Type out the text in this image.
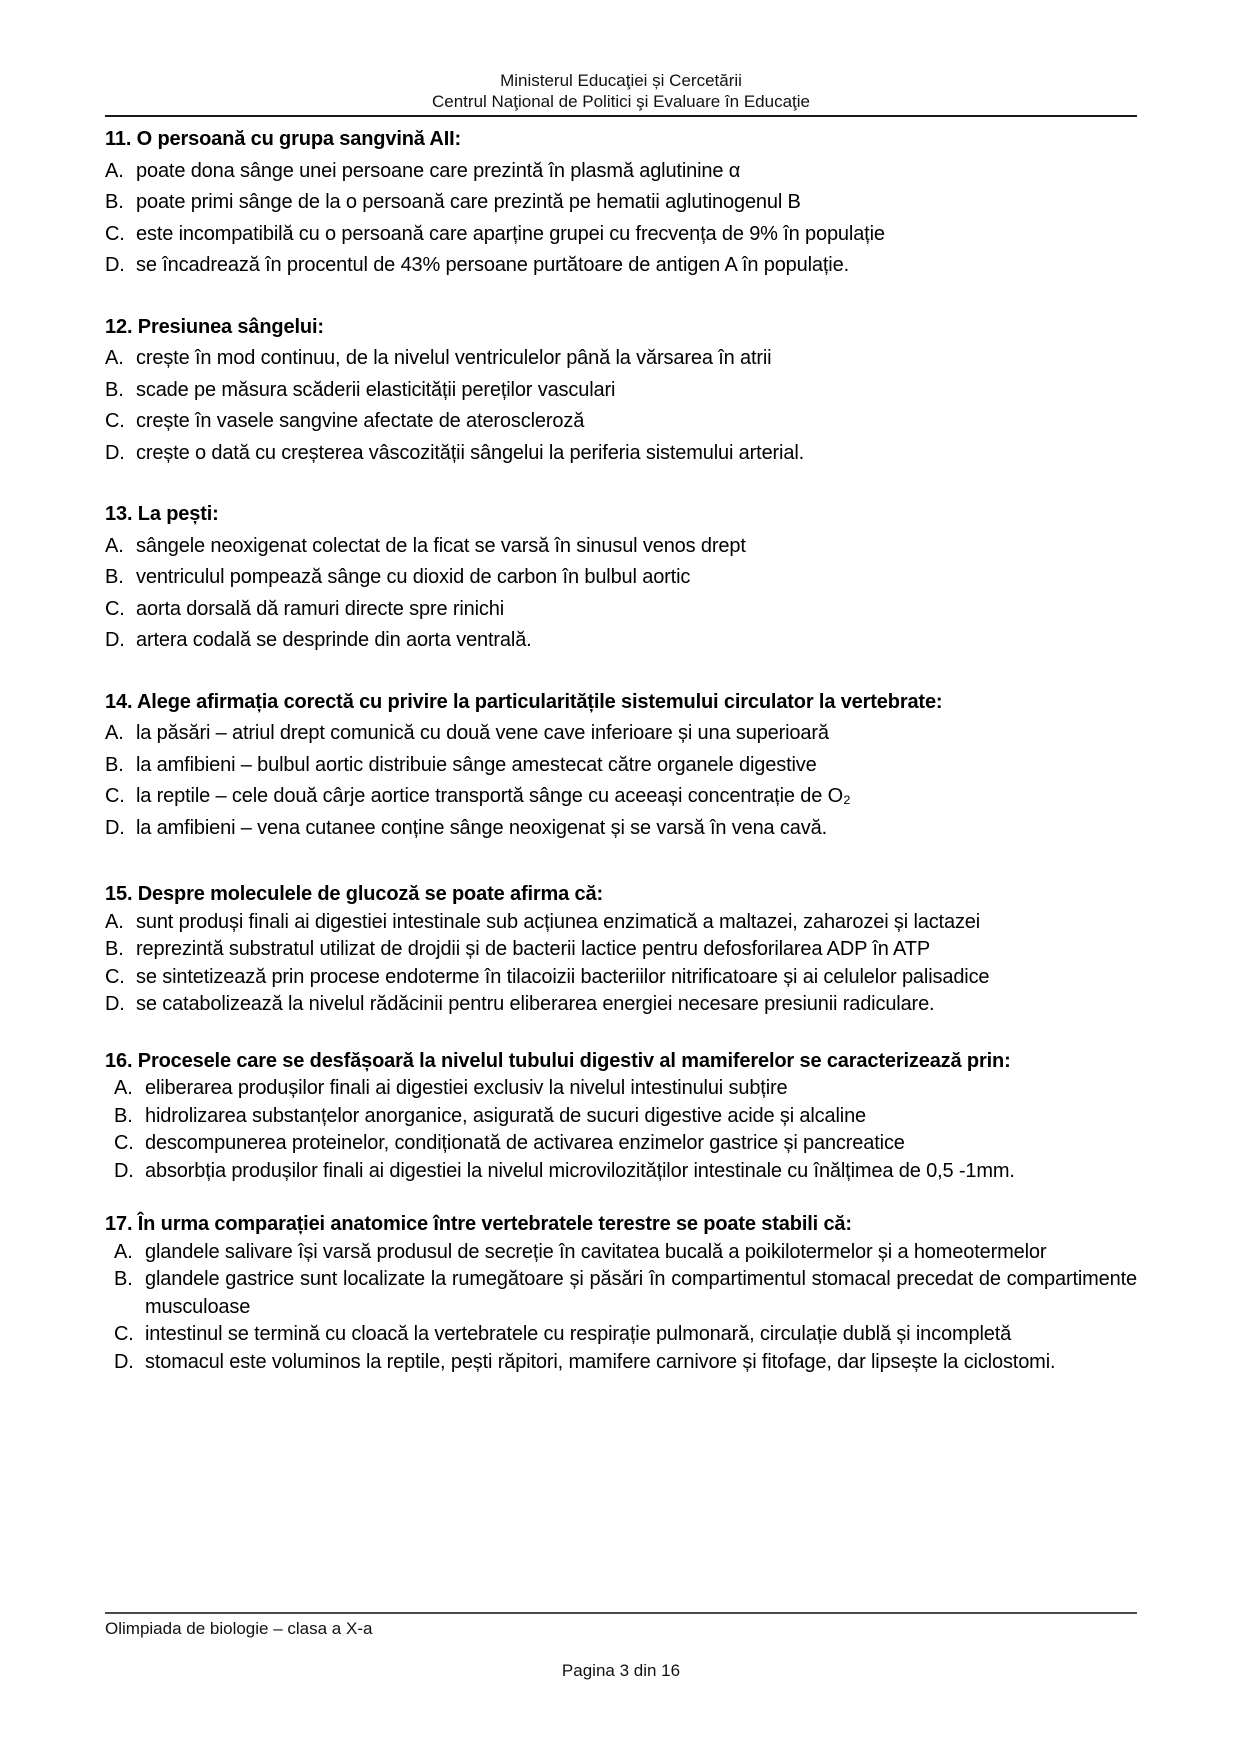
Ministerul Educaţiei și Cercetării
Centrul Naţional de Politici şi Evaluare în Educaţie
11. O persoană cu grupa sangvină AII:
A. poate dona sânge unei persoane care prezintă în plasmă aglutinine α
B. poate primi sânge de la o persoană care prezintă pe hematii aglutinogenul B
C. este incompatibilă cu o persoană care aparține grupei cu frecvența de 9% în populație
D. se încadrează în procentul de 43% persoane purtătoare de antigen A în populație.
12. Presiunea sângelui:
A. crește în mod continuu, de la nivelul ventriculelor până la vărsarea în atrii
B. scade pe măsura scăderii elasticității pereților vasculari
C. crește în vasele sangvine afectate de ateroscleroză
D. crește o dată cu creșterea vâscozității sângelui la periferia sistemului arterial.
13. La pești:
A. sângele neoxigenat colectat de la ficat se varsă în sinusul venos drept
B. ventriculul pompează sânge cu dioxid de carbon în bulbul aortic
C. aorta dorsală dă ramuri directe spre rinichi
D. artera codală se desprinde din aorta ventrală.
14. Alege afirmația corectă cu privire la particularitățile sistemului circulator la vertebrate:
A. la păsări – atriul drept comunică cu două vene cave inferioare și una superioară
B. la amfibieni – bulbul aortic distribuie sânge amestecat către organele digestive
C. la reptile – cele două cârje aortice transportă sânge cu aceeași concentrație de O₂
D. la amfibieni – vena cutanee conține sânge neoxigenat și se varsă în vena cavă.
15. Despre moleculele de glucoză se poate afirma că:
A. sunt produși finali ai digestiei intestinale sub acțiunea enzimatică a maltazei, zaharozei și lactazei
B. reprezintă substratul utilizat de drojdii și de bacterii lactice pentru defosforilarea ADP în ATP
C. se sintetizează prin procese endoterme în tilacoizii bacteriilor nitrificatoare și ai celulelor palisadice
D. se catabolizează la nivelul rădăcinii pentru eliberarea energiei necesare presiunii radiculare.
16. Procesele care se desfășoară la nivelul tubului digestiv al mamiferelor se caracterizează prin:
A. eliberarea produșilor finali ai digestiei exclusiv la nivelul intestinului subțire
B. hidrolizarea substanțelor anorganice, asigurată de sucuri digestive acide și alcaline
C. descompunerea proteinelor, condiționată de activarea enzimelor gastrice și pancreatice
D. absorbția produșilor finali ai digestiei la nivelul microvilozităților intestinale cu înălțimea de 0,5 -1mm.
17. În urma comparației anatomice între vertebratele terestre se poate stabili că:
A. glandele salivare își varsă produsul de secreție în cavitatea bucală a poikilotermelor și a homeotermelor
B. glandele gastrice sunt localizate la rumegătoare și păsări în compartimentul stomacal precedat de compartimente musculoase
C. intestinul se termină cu cloacă la vertebratele cu respirație pulmonară, circulație dublă și incompletă
D. stomacul este voluminos la reptile, pești răpitori, mamifere carnivore și fitofage, dar lipsește la ciclostomi.
Olimpiada de biologie – clasa a X-a
Pagina 3 din 16
